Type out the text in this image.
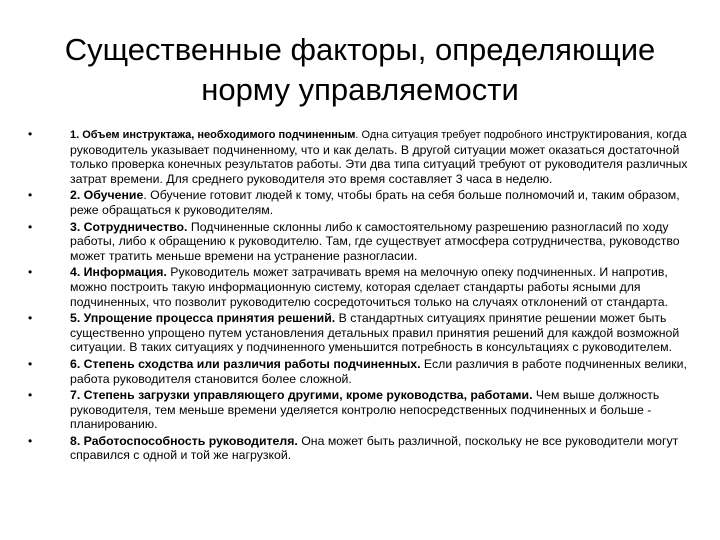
Существенные факторы, определяющие
норму управляемости
•	1. Объем инструктажа, необходимого подчиненным. Одна ситуация требует подробного инструктирования, когда руководитель указывает подчиненному, что и как делать. В другой ситуации может оказаться достаточной только проверка конечных результатов работы. Эти два типа ситуаций требуют от руководителя различных затрат времени. Для среднего руководителя это время составляет 3 часа в неделю.
•	2. Обучение. Обучение готовит людей к тому, чтобы брать на себя больше полномочий и, таким образом, реже обращаться к руководителям.
•	3. Сотрудничество. Подчиненные склонны либо к самостоятельному разрешению разногласий по ходу работы, либо к обращению к руководителю. Там, где существует атмосфера сотрудничества, руководство может тратить меньше времени на устранение разногласии.
•	4. Информация. Руководитель может затрачивать время на мелочную опеку подчиненных. И напротив, можно построить такую информационную систему, которая сделает стандарты работы ясными для подчиненных, что позволит руководителю сосредоточиться только на случаях отклонений от стандарта.
•	5. Упрощение процесса принятия решений. В стандартных ситуациях принятие решении может быть существенно упрощено путем установления детальных правил принятия решений для каждой возможной ситуации. В таких ситуациях у подчиненного уменьшится потребность в консультациях с руководителем.
•	6. Степень сходства или различия работы подчиненных. Если различия в работе подчиненных велики, работа руководителя становится более сложной.
•	7. Степень загрузки управляющего другими, кроме руководства, работами. Чем выше должность руководителя, тем меньше времени уделяется контролю непосредственных подчиненных и больше - планированию.
•	8. Работоспособность руководителя. Она может быть различной, поскольку не все руководители могут справился с одной и той же нагрузкой.
